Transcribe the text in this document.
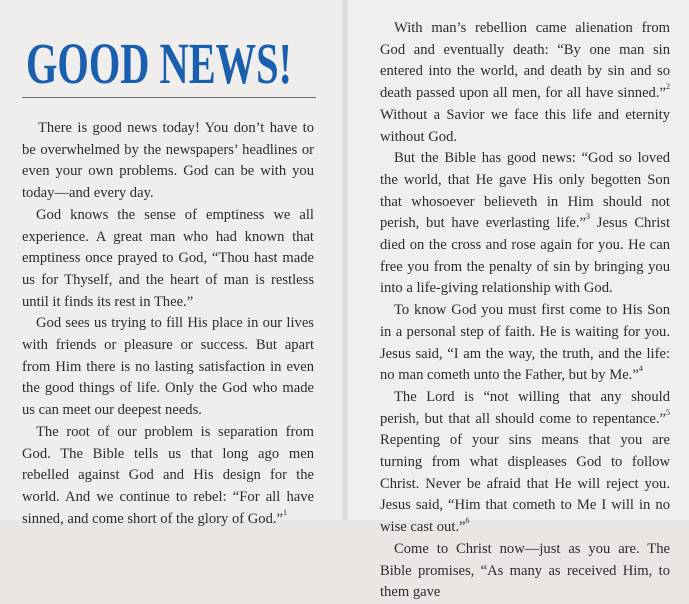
GOOD NEWS!

There is good news today! You don’t have to be overwhelmed by the newspapers’ headlines or even your own problems. God can be with you today—and every day.

God knows the sense of emptiness we all experience. A great man who had known that emptiness once prayed to God, “Thou hast made us for Thyself, and the heart of man is restless until it finds its rest in Thee.”

God sees us trying to fill His place in our lives with friends or pleasure or success. But apart from Him there is no lasting satisfaction in even the good things of life. Only the God who made us can meet our deepest needs.

The root of our problem is separation from God. The Bible tells us that long ago men rebelled against God and His design for the world. And we continue to rebel: “For all have sinned, and come short of the glory of God.”$^1$

With man’s rebellion came alienation from God and eventually death: “By one man sin entered into the world, and death by sin and so death passed upon all men, for all have sinned.”$^2$ Without a Savior we face this life and eternity without God.

But the Bible has good news: “God so loved the world, that He gave His only begotten Son that whosoever believeth in Him should not perish, but have everlasting life.”$^3$ Jesus Christ died on the cross and rose again for you. He can free you from the penalty of sin by bringing you into a life-giving relationship with God.

To know God you must first come to His Son in a personal step of faith. He is waiting for you. Jesus said, “I am the way, the truth, and the life: no man cometh unto the Father, but by Me.”$^4$

The Lord is “not willing that any should perish, but that all should come to repentance.”$^5$ Repenting of your sins means that you are turning from what displeases God to follow Christ. Never be afraid that He will reject you. Jesus said, “Him that cometh to Me I will in no wise cast out.”$^6$

Come to Christ now—just as you are. The Bible promises, “As many as received Him, to them gave
